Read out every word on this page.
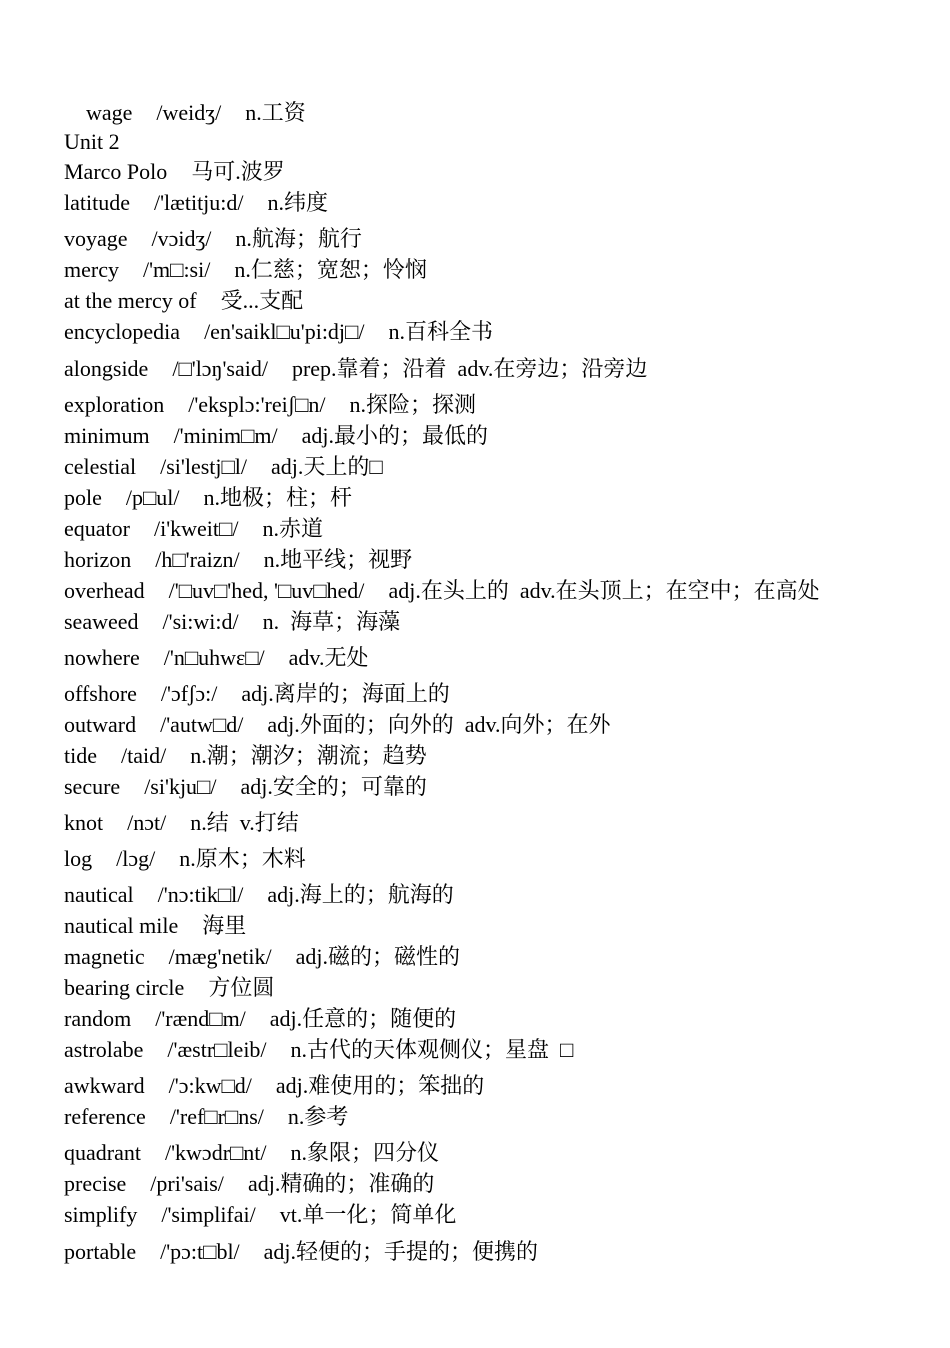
wage /weidʒ/ n.工资

Unit 2
Marco Polo 马可.波罗
latitude /'lætitju:d/ n.纬度
voyage /vɔidʒ/ n.航海；航行
mercy /'m□:si/ n.仁慈；宽恕；怜悯
at the mercy of 受...支配
encyclopedia /en'saikl□u'pi:dj□/ n.百科全书
alongside /□'lɔŋ'said/ prep.靠着；沿着  adv.在旁边；沿旁边
exploration /'eksplɔ:'reiʃ□n/ n.探险；探测
minimum /'minim□m/ adj.最小的；最低的
celestial /si'lestj□l/ adj.天上的□
pole /p□ul/ n.地极；柱；杆
equator /i'kweit□/ n.赤道
horizon /h□'raizn/ n.地平线；视野
overhead /'□uv□'hed, '□uv□hed/ adj.在头上的  adv.在头顶上；在空中；在高处
seaweed /'si:wi:d/ n.  海草；海藻
nowhere /'n□uhwɛ□/ adv.无处
offshore /'ɔfʃɔ:/ adj.离岸的；海面上的
outward /'autw□d/ adj.外面的；向外的  adv.向外；在外
tide /taid/ n.潮；潮汐；潮流；趋势
secure /si'kju□/ adj.安全的；可靠的
knot /nɔt/ n.结  v.打结
log /lɔg/ n.原木；木料
nautical /'nɔ:tik□l/ adj.海上的；航海的
nautical mile 海里
magnetic /mæg'netik/ adj.磁的；磁性的
bearing circle 方位圆
random /'rænd□m/ adj.任意的；随便的
astrolabe /'æstr□leib/ n.古代的天体观侧仪；星盘  □
awkward /'ɔ:kw□d/ adj.难使用的；笨拙的
reference /'ref□r□ns/ n.参考
quadrant /'kwɔdr□nt/ n.象限；四分仪
precise /pri'sais/ adj.精确的；准确的
simplify /'simplifai/ vt.单一化；简单化
portable /'pɔ:t□bl/ adj.轻便的；手提的；便携的
